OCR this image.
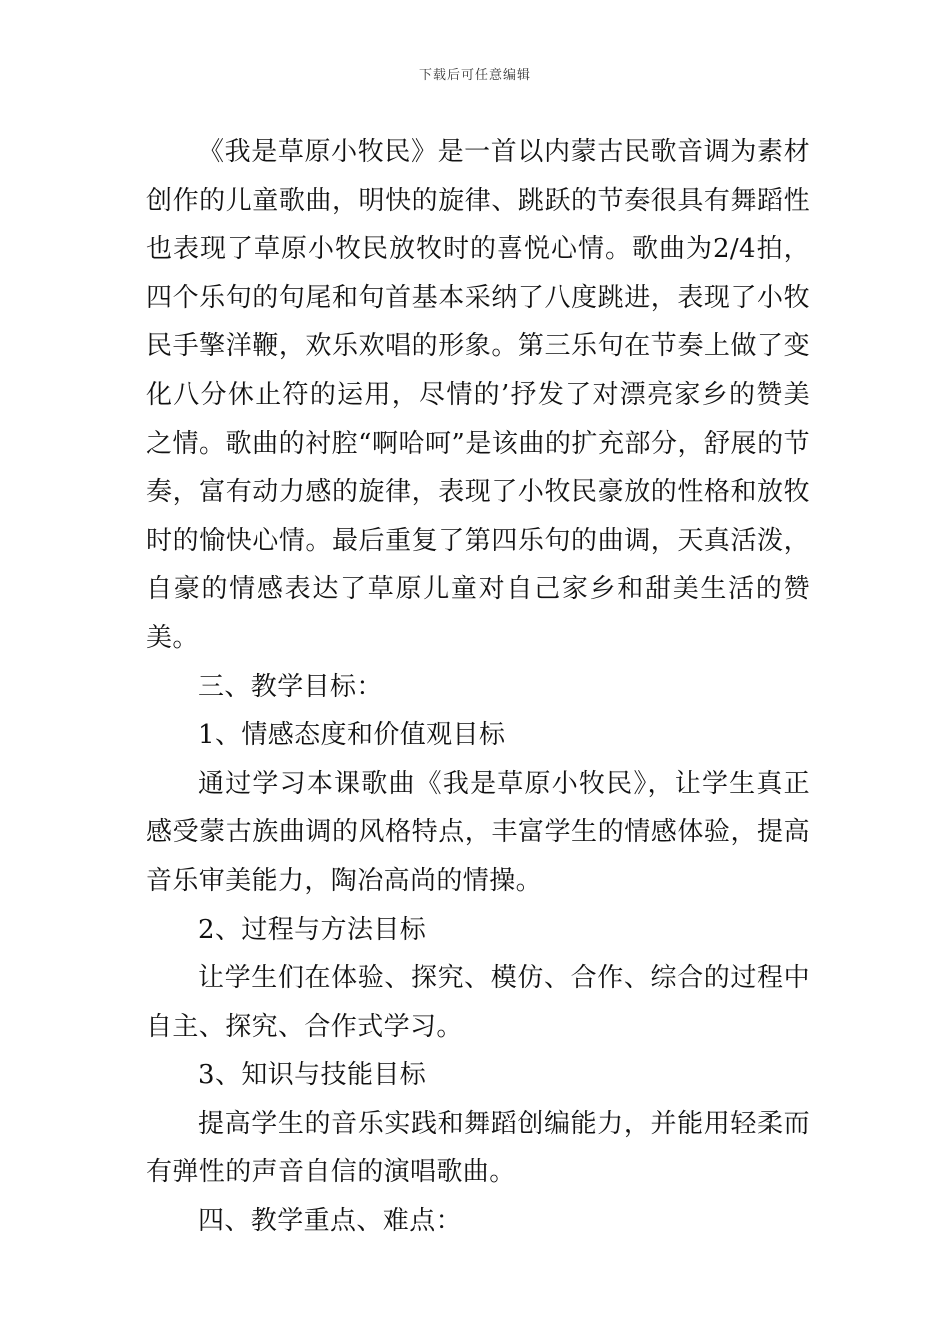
下载后可任意编辑

《我是草原小牧民》是一首以内蒙古民歌音调为素材创作的儿童歌曲，明快的旋律、跳跃的节奏很具有舞蹈性也表现了草原小牧民放牧时的喜悦心情。歌曲为2/4拍，四个乐句的句尾和句首基本采纳了八度跳进，表现了小牧民手擎洋鞭，欢乐欢唱的形象。第三乐句在节奏上做了变化八分休止符的运用，尽情的’抒发了对漂亮家乡的赞美之情。歌曲的衬腔“啊哈呵”是该曲的扩充部分，舒展的节奏，富有动力感的旋律，表现了小牧民豪放的性格和放牧时的愉快心情。最后重复了第四乐句的曲调，天真活泼，自豪的情感表达了草原儿童对自己家乡和甜美生活的赞美。

三、教学目标：

1、情感态度和价值观目标

通过学习本课歌曲《我是草原小牧民》，让学生真正感受蒙古族曲调的风格特点，丰富学生的情感体验，提高音乐审美能力，陶冶高尚的情操。

2、过程与方法目标

让学生们在体验、探究、模仿、合作、综合的过程中自主、探究、合作式学习。

3、知识与技能目标

提高学生的音乐实践和舞蹈创编能力，并能用轻柔而有弹性的声音自信的演唱歌曲。

四、教学重点、难点：
